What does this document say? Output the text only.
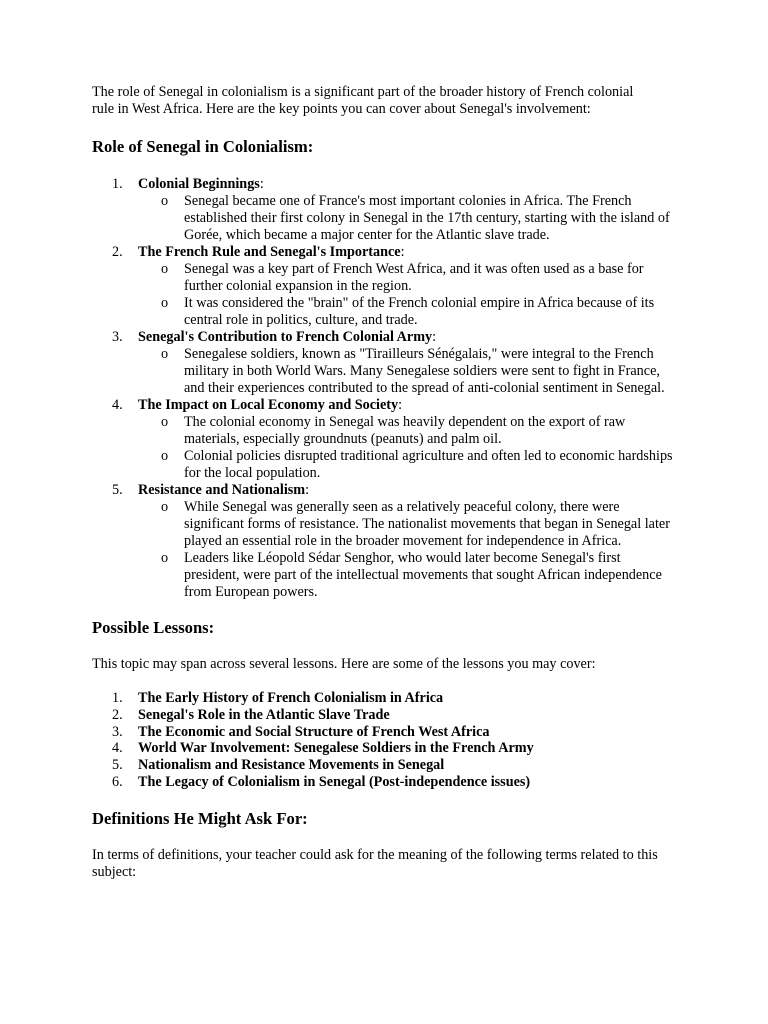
The role of Senegal in colonialism is a significant part of the broader history of French colonial rule in West Africa. Here are the key points you can cover about Senegal's involvement:

Role of Senegal in Colonialism:
1. Colonial Beginnings:
o Senegal became one of France's most important colonies in Africa. The French established their first colony in Senegal in the 17th century, starting with the island of Gorée, which became a major center for the Atlantic slave trade.
2. The French Rule and Senegal's Importance:
o Senegal was a key part of French West Africa, and it was often used as a base for further colonial expansion in the region.
o It was considered the "brain" of the French colonial empire in Africa because of its central role in politics, culture, and trade.
3. Senegal's Contribution to French Colonial Army:
o Senegalese soldiers, known as "Tirailleurs Sénégalais," were integral to the French military in both World Wars. Many Senegalese soldiers were sent to fight in France, and their experiences contributed to the spread of anti-colonial sentiment in Senegal.
4. The Impact on Local Economy and Society:
o The colonial economy in Senegal was heavily dependent on the export of raw materials, especially groundnuts (peanuts) and palm oil.
o Colonial policies disrupted traditional agriculture and often led to economic hardships for the local population.
5. Resistance and Nationalism:
o While Senegal was generally seen as a relatively peaceful colony, there were significant forms of resistance. The nationalist movements that began in Senegal later played an essential role in the broader movement for independence in Africa.
o Leaders like Léopold Sédar Senghor, who would later become Senegal's first president, were part of the intellectual movements that sought African independence from European powers.
Possible Lessons:

This topic may span across several lessons. Here are some of the lessons you may cover:

1. The Early History of French Colonialism in Africa
2. Senegal's Role in the Atlantic Slave Trade
3. The Economic and Social Structure of French West Africa
4. World War Involvement: Senegalese Soldiers in the French Army
5. Nationalism and Resistance Movements in Senegal
6. The Legacy of Colonialism in Senegal (Post-independence issues)
Definitions He Might Ask For:

In terms of definitions, your teacher could ask for the meaning of the following terms related to this subject:
